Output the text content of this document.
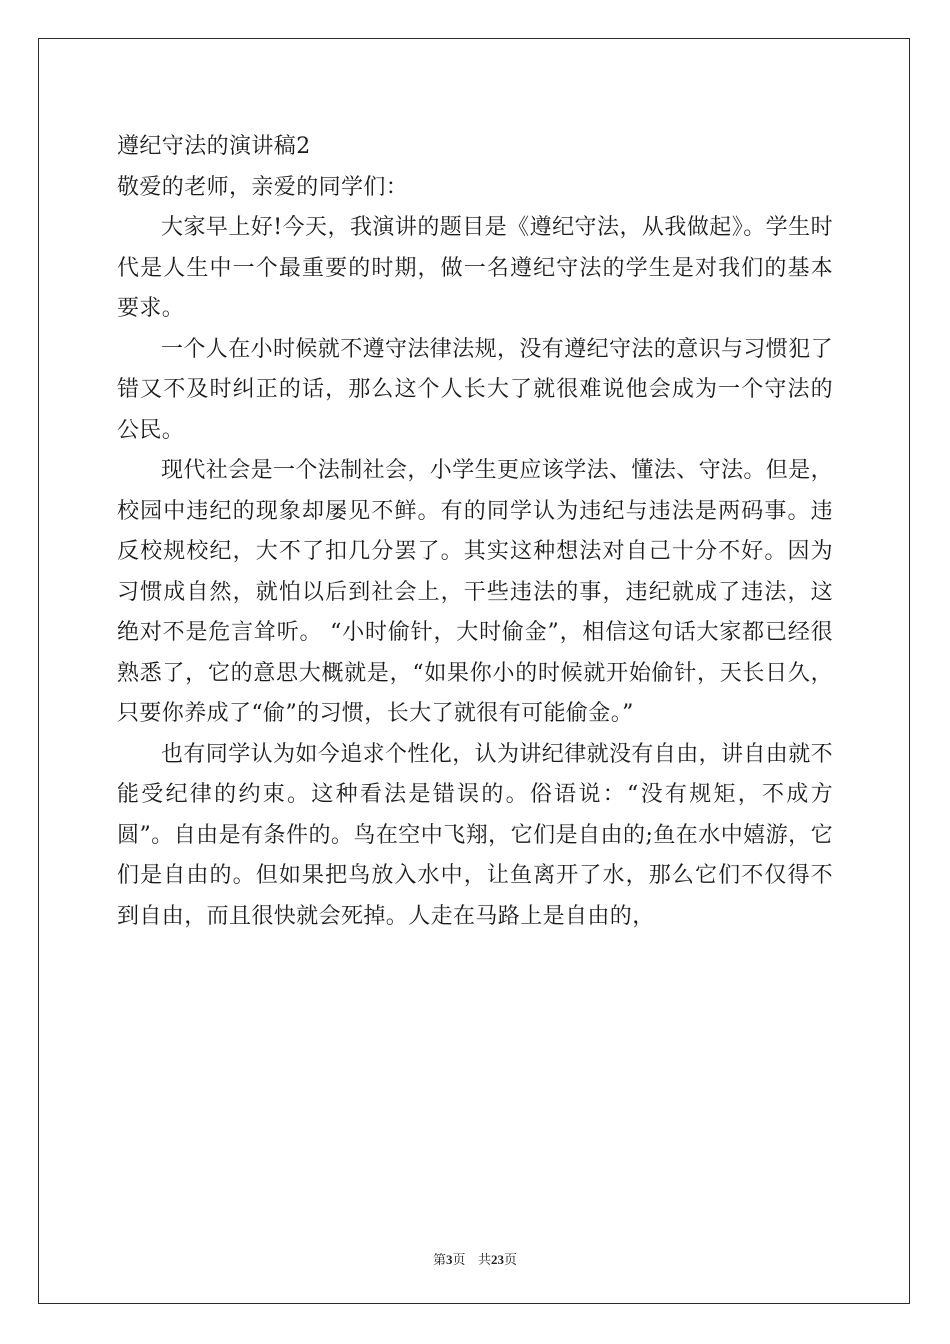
遵纪守法的演讲稿2

敬爱的老师，亲爱的同学们：

大家早上好!今天，我演讲的题目是《遵纪守法，从我做起》。学生时代是人生中一个最重要的时期，做一名遵纪守法的学生是对我们的基本要求。

一个人在小时候就不遵守法律法规，没有遵纪守法的意识与习惯犯了错又不及时纠正的话，那么这个人长大了就很难说他会成为一个守法的公民。

现代社会是一个法制社会，小学生更应该学法、懂法、守法。但是，校园中违纪的现象却屡见不鲜。有的同学认为违纪与违法是两码事。违反校规校纪，大不了扣几分罢了。其实这种想法对自己十分不好。因为习惯成自然，就怕以后到社会上，干些违法的事，违纪就成了违法，这绝对不是危言耸听。 “小时偷针，大时偷金”，相信这句话大家都已经很熟悉了，它的意思大概就是，“如果你小的时候就开始偷针，天长日久，只要你养成了“偷”的习惯，长大了就很有可能偷金。”

也有同学认为如今追求个性化，认为讲纪律就没有自由，讲自由就不能受纪律的约束。这种看法是错误的。俗语说：“没有规矩，不成方圆”。自由是有条件的。鸟在空中飞翔，它们是自由的;鱼在水中嬉游，它们是自由的。但如果把鸟放入水中，让鱼离开了水，那么它们不仅得不到自由，而且很快就会死掉。人走在马路上是自由的，

第3页 共23页
